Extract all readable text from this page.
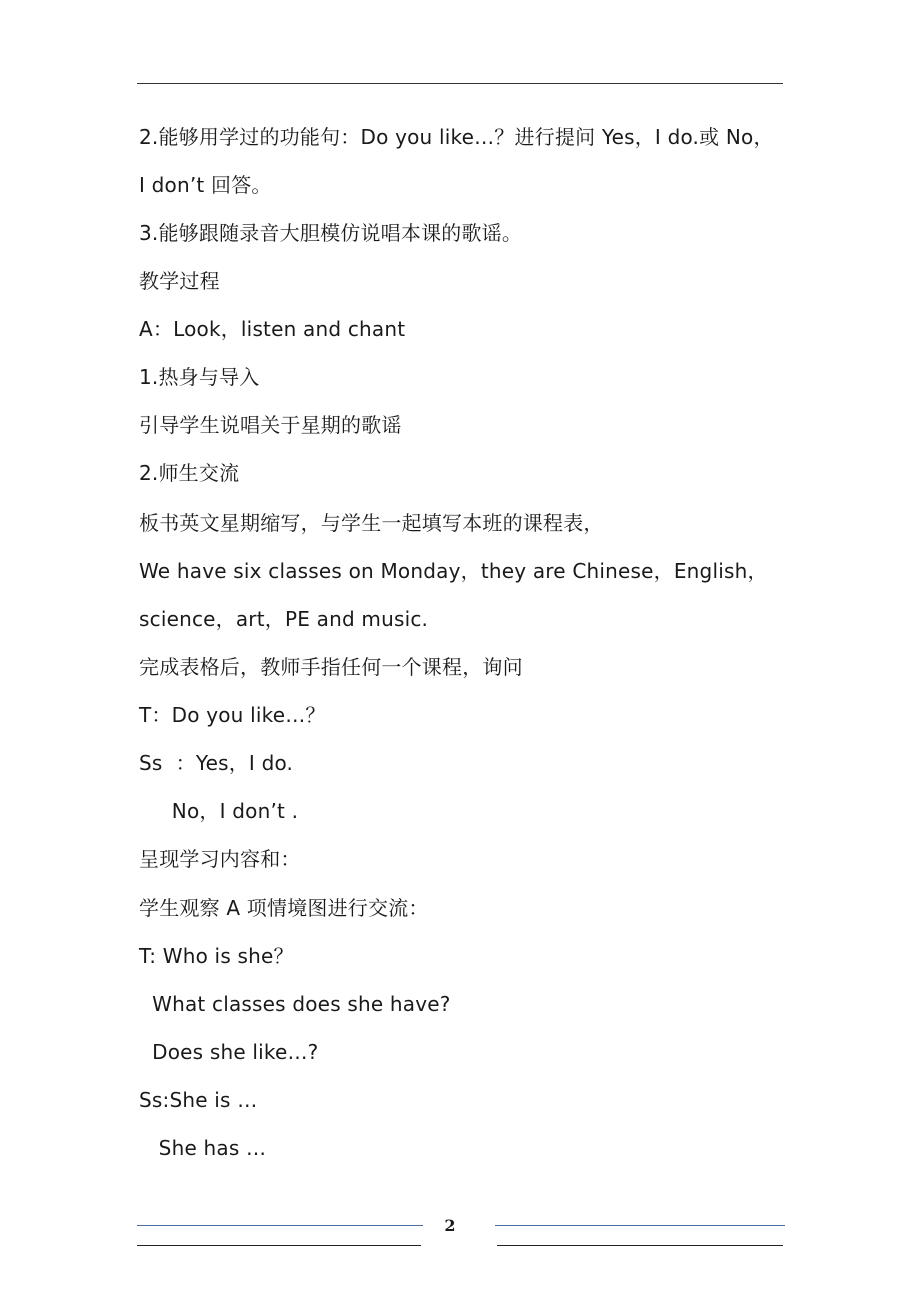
2.能够用学过的功能句：Do you like…？进行提问 Yes，I do.或 No，
I don’t 回答。
3.能够跟随录音大胆模仿说唱本课的歌谣。
教学过程
A：Look，listen and chant
1.热身与导入
引导学生说唱关于星期的歌谣
2.师生交流
板书英文星期缩写，与学生一起填写本班的课程表，
We have six classes on Monday，they are Chinese，English，
science，art，PE and music.
完成表格后，教师手指任何一个课程，询问
T：Do you like…？
Ss  ：Yes，I do.
No，I don’t .
呈现学习内容和：
学生观察 A 项情境图进行交流：
T: Who is she？
What classes does she have?
Does she like…?
Ss:She is …
She has …
2
